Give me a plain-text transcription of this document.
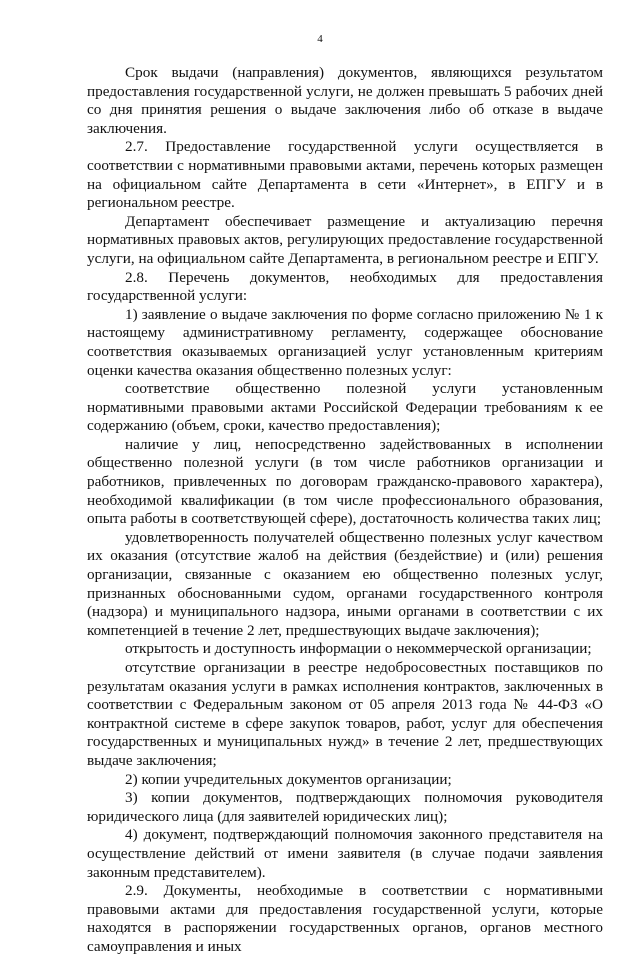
4

Срок выдачи (направления) документов, являющихся результатом предоставления государственной услуги, не должен превышать 5 рабочих дней со дня принятия решения о выдаче заключения либо об отказе в выдаче заключения.

2.7. Предоставление государственной услуги осуществляется в соответствии с нормативными правовыми актами, перечень которых размещен на официальном сайте Департамента в сети «Интернет», в ЕПГУ и в региональном реестре.

Департамент обеспечивает размещение и актуализацию перечня нормативных правовых актов, регулирующих предоставление государственной услуги, на официальном сайте Департамента, в региональном реестре и ЕПГУ.

2.8. Перечень документов, необходимых для предоставления государственной услуги:

1) заявление о выдаче заключения по форме согласно приложению № 1 к настоящему административному регламенту, содержащее обоснование соответствия оказываемых организацией услуг установленным критериям оценки качества оказания общественно полезных услуг:

соответствие общественно полезной услуги установленным нормативными правовыми актами Российской Федерации требованиям к ее содержанию (объем, сроки, качество предоставления);

наличие у лиц, непосредственно задействованных в исполнении общественно полезной услуги (в том числе работников организации и работников, привлеченных по договорам гражданско-правового характера), необходимой квалификации (в том числе профессионального образования, опыта работы в соответствующей сфере), достаточность количества таких лиц;

удовлетворенность получателей общественно полезных услуг качеством их оказания (отсутствие жалоб на действия (бездействие) и (или) решения организации, связанные с оказанием ею общественно полезных услуг, признанных обоснованными судом, органами государственного контроля (надзора) и муниципального надзора, иными органами в соответствии с их компетенцией в течение 2 лет, предшествующих выдаче заключения);

открытость и доступность информации о некоммерческой организации;

отсутствие организации в реестре недобросовестных поставщиков по результатам оказания услуги в рамках исполнения контрактов, заключенных в соответствии с Федеральным законом от 05 апреля 2013 года № 44-ФЗ «О контрактной системе в сфере закупок товаров, работ, услуг для обеспечения государственных и муниципальных нужд» в течение 2 лет, предшествующих выдаче заключения;

2) копии учредительных документов организации;

3) копии документов, подтверждающих полномочия руководителя юридического лица (для заявителей юридических лиц);

4) документ, подтверждающий полномочия законного представителя на осуществление действий от имени заявителя (в случае подачи заявления законным представителем).

2.9. Документы, необходимые в соответствии с нормативными правовыми актами для предоставления государственной услуги, которые находятся в распоряжении государственных органов, органов местного самоуправления и иных
